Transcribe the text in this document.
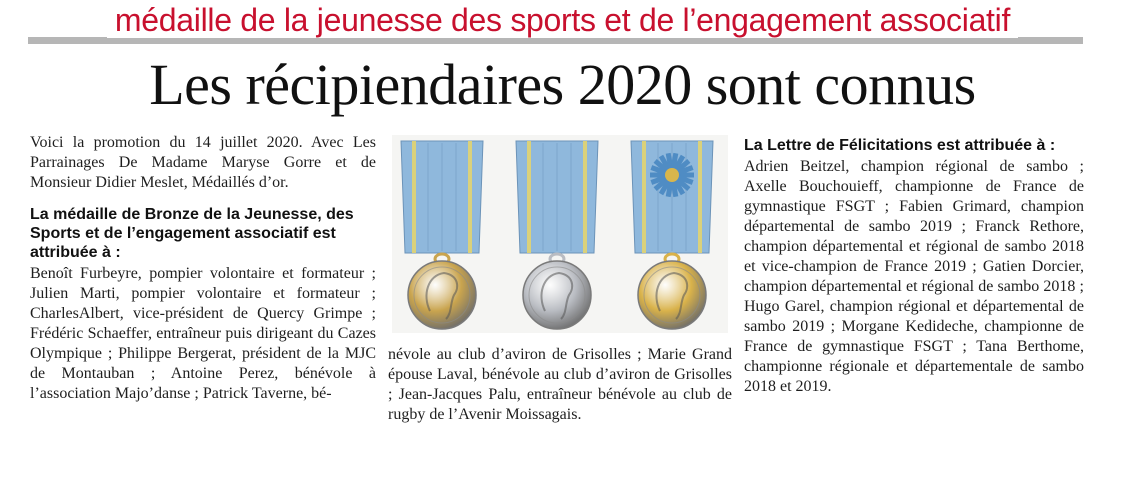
médaille de la jeunesse des sports et de l’engagement associatif
Les récipiendaires 2020 sont connus

Voici la promotion du 14 juillet 2020. Avec Les Parrainages De Madame Maryse Gorre et de Monsieur Didier Meslet, Médaillés d’or.

La médaille de Bronze de la Jeunesse, des Sports et de l’engagement associatif est attribuée à :

Benoît Furbeyre, pompier volontaire et formateur ; Julien Marti, pompier volontaire et formateur ; CharlesAlbert, vice-président de Quercy Grimpe ; Frédéric Schaeffer, entraîneur puis dirigeant du Cazes Olympique ; Philippe Bergerat, président de la MJC de Montauban ; Antoine Perez, bénévole à l’association Majo’danse ; Patrick Taverne, bé-

névole au club d’aviron de Grisolles ; Marie Grand épouse Laval, bénévole au club d’aviron de Grisolles ; Jean-Jacques Palu, entraîneur bénévole au club de rugby de l’Avenir Moissagais.

La Lettre de Félicitations est attribuée à :

Adrien Beitzel, champion régional de sambo ; Axelle Bouchouieff, championne de France de gymnastique FSGT ; Fabien Grimard, champion départemental de sambo 2019 ; Franck Rethore, champion départemental et régional de sambo 2018 et vice-champion de France 2019 ; Gatien Dorcier, champion départemental et régional de sambo 2018 ; Hugo Garel, champion régional et départemental de sambo 2019 ; Morgane Kedideche, championne de France de gymnastique FSGT ; Tana Berthome, championne régionale et départementale de sambo 2018 et 2019.
